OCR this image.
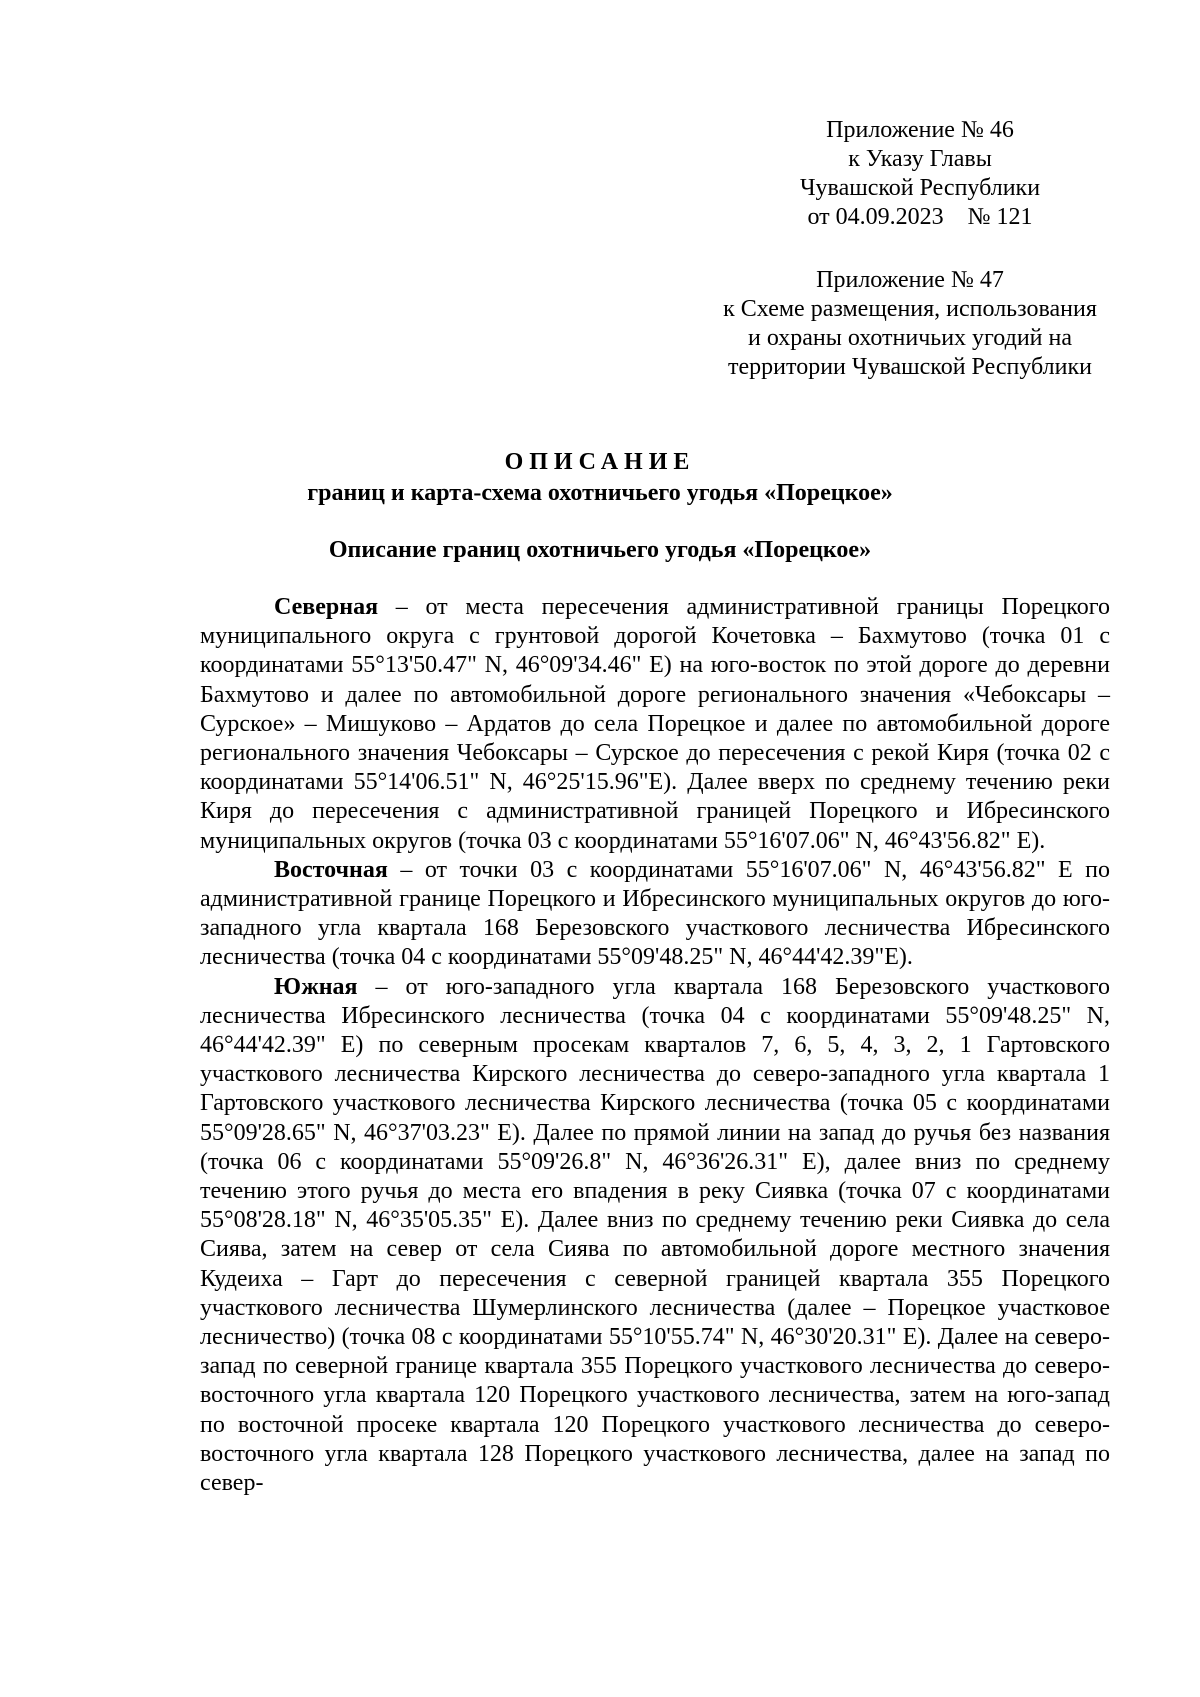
Приложение № 46
к Указу Главы
Чувашской Республики
от 04.09.2023    № 121
Приложение № 47
к Схеме размещения, использования
и охраны охотничьих угодий на
территории Чувашской Республики
ОПИСАНИЕ
границ и карта-схема охотничьего угодья «Порецкое»
Описание границ охотничьего угодья «Порецкое»

Северная – от места пересечения административной границы Порецкого муниципального округа с грунтовой дорогой Кочетовка – Бахмутово (точка 01 с координатами 55°13'50.47" N, 46°09'34.46" E) на юго-восток по этой дороге до деревни Бахмутово и далее по автомобильной дороге регионального значения «Чебоксары – Сурское» – Мишуково – Ардатов до села Порецкое и далее по автомобильной дороге регионального значения Чебоксары – Сурское до пересечения с рекой Киря (точка 02 с координатами 55°14'06.51" N, 46°25'15.96"E). Далее вверх по среднему течению реки Киря до пересечения с административной границей Порецкого и Ибресинского муниципальных округов (точка 03 с координатами 55°16'07.06" N, 46°43'56.82" E).

Восточная – от точки 03 с координатами 55°16'07.06" N, 46°43'56.82" E по административной границе Порецкого и Ибресинского муниципальных округов до юго-западного угла квартала 168 Березовского участкового лесничества Ибресинского лесничества (точка 04 с координатами 55°09'48.25" N, 46°44'42.39"E).

Южная – от юго-западного угла квартала 168 Березовского участкового лесничества Ибресинского лесничества (точка 04 с координатами 55°09'48.25" N, 46°44'42.39" E) по северным просекам кварталов 7, 6, 5, 4, 3, 2, 1 Гартовского участкового лесничества Кирского лесничества до северо-западного угла квартала 1 Гартовского участкового лесничества Кирского лесничества (точка 05 с координатами 55°09'28.65" N, 46°37'03.23" E). Далее по прямой линии на запад до ручья без названия (точка 06 с координатами 55°09'26.8" N, 46°36'26.31" E), далее вниз по среднему течению этого ручья до места его впадения в реку Сиявка (точка 07 с координатами 55°08'28.18" N, 46°35'05.35" E). Далее вниз по среднему течению реки Сиявка до села Сиява, затем на север от села Сиява по автомобильной дороге местного значения Кудеиха – Гарт до пересечения с северной границей квартала 355 Порецкого участкового лесничества Шумерлинского лесничества (далее – Порецкое участковое лесничество) (точка 08 с координатами 55°10'55.74" N, 46°30'20.31" E). Далее на северо-запад по северной границе квартала 355 Порецкого участкового лесничества до северо-восточного угла квартала 120 Порецкого участкового лесничества, затем на юго-запад по восточной просеке квартала 120 Порецкого участкового лесничества до северо-восточного угла квартала 128 Порецкого участкового лесничества, далее на запад по север-
